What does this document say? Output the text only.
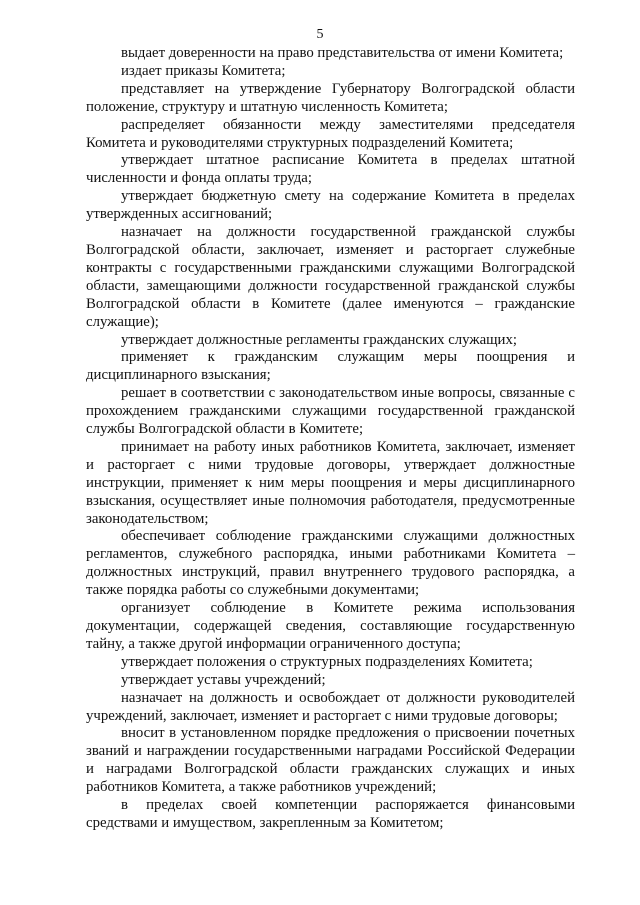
5

выдает доверенности на право представительства от имени Комитета;

издает приказы Комитета;

представляет на утверждение Губернатору Волгоградской области положение, структуру и штатную численность Комитета;

распределяет обязанности между заместителями председателя Комитета и руководителями структурных подразделений Комитета;

утверждает штатное расписание Комитета в пределах штатной численности и фонда оплаты труда;

утверждает бюджетную смету на содержание Комитета в пределах утвержденных ассигнований;

назначает на должности государственной гражданской службы Волгоградской области, заключает, изменяет и расторгает служебные контракты с государственными гражданскими служащими Волгоградской области, замещающими должности государственной гражданской службы Волгоградской области в Комитете (далее именуются – гражданские служащие);

утверждает должностные регламенты гражданских служащих;

применяет к гражданским служащим меры поощрения и дисциплинарного взыскания;

решает в соответствии с законодательством иные вопросы, связанные с прохождением гражданскими служащими государственной гражданской службы Волгоградской области в Комитете;

принимает на работу иных работников Комитета, заключает, изменяет и расторгает с ними трудовые договоры, утверждает должностные инструкции, применяет к ним меры поощрения и меры дисциплинарного взыскания, осуществляет иные полномочия работодателя, предусмотренные законодательством;

обеспечивает соблюдение гражданскими служащими должностных регламентов, служебного распорядка, иными работниками Комитета – должностных инструкций, правил внутреннего трудового распорядка, а также порядка работы со служебными документами;

организует соблюдение в Комитете режима использования документации, содержащей сведения, составляющие государственную тайну, а также другой информации ограниченного доступа;

утверждает положения о структурных подразделениях Комитета;

утверждает уставы учреждений;

назначает на должность и освобождает от должности руководителей учреждений, заключает, изменяет и расторгает с ними трудовые договоры;

вносит в установленном порядке предложения о присвоении почетных званий и награждении государственными наградами Российской Федерации и наградами Волгоградской области гражданских служащих и иных работников Комитета, а также работников учреждений;

в пределах своей компетенции распоряжается финансовыми средствами и имуществом, закрепленным за Комитетом;
